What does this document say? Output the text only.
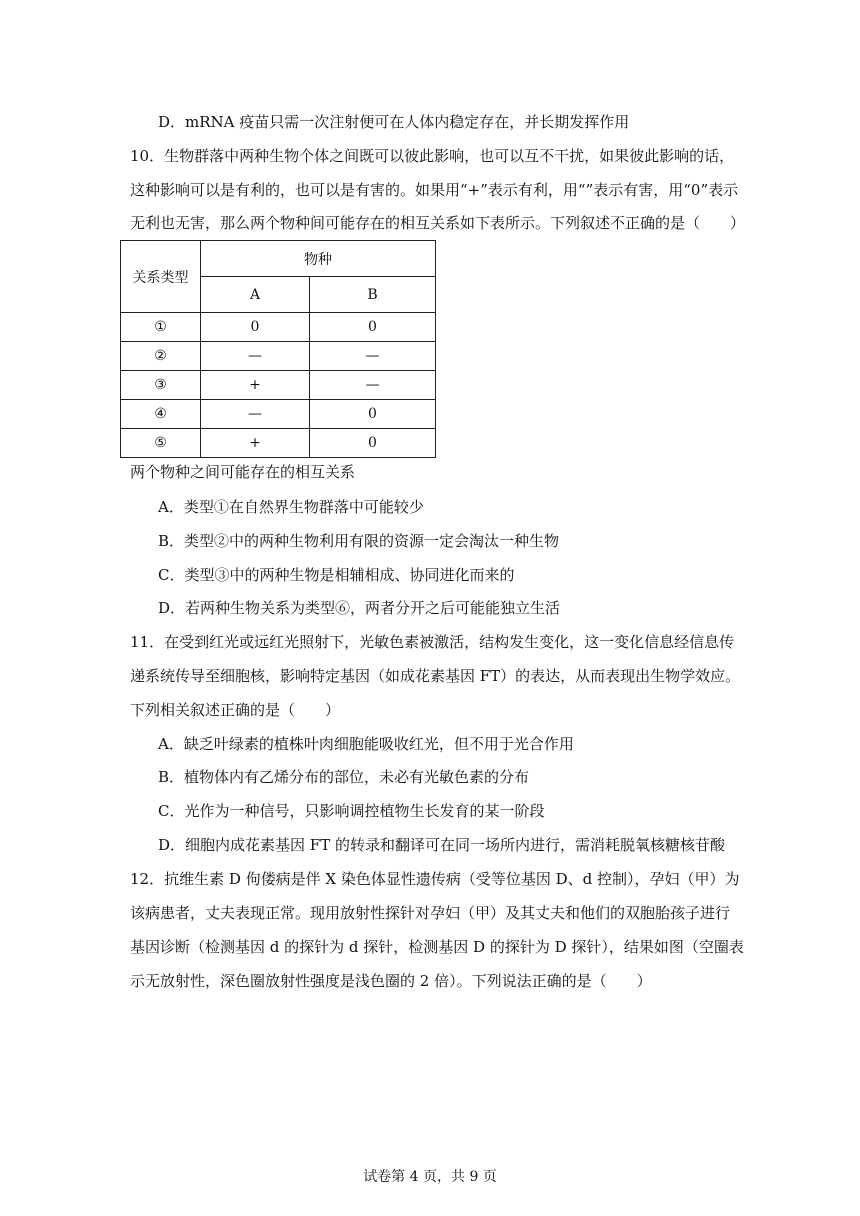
D．mRNA 疫苗只需一次注射便可在人体内稳定存在，并长期发挥作用
10．生物群落中两种生物个体之间既可以彼此影响，也可以互不干扰，如果彼此影响的话，
这种影响可以是有利的，也可以是有害的。如果用“+”表示有利，用“”表示有害，用“0”表示
无利也无害，那么两个物种间可能存在的相互关系如下表所示。下列叙述不正确的是（　　）
关系类型	物种	
	A	B
①	0	0
②	—	—
③	+	—
④	—	0
⑤	+	0
两个物种之间可能存在的相互关系
A．类型①在自然界生物群落中可能较少
B．类型②中的两种生物利用有限的资源一定会淘汰一种生物
C．类型③中的两种生物是相辅相成、协同进化而来的
D．若两种生物关系为类型⑥，两者分开之后可能能独立生活
11．在受到红光或远红光照射下，光敏色素被激活，结构发生变化，这一变化信息经信息传
递系统传导至细胞核，影响特定基因（如成花素基因 FT）的表达，从而表现出生物学效应。
下列相关叙述正确的是（　　）
A．缺乏叶绿素的植株叶肉细胞能吸收红光，但不用于光合作用
B．植物体内有乙烯分布的部位，未必有光敏色素的分布
C．光作为一种信号，只影响调控植物生长发育的某一阶段
D．细胞内成花素基因 FT 的转录和翻译可在同一场所内进行，需消耗脱氧核糖核苷酸
12．抗维生素 D 佝偻病是伴 X 染色体显性遗传病（受等位基因 D、d 控制），孕妇（甲）为
该病患者，丈夫表现正常。现用放射性探针对孕妇（甲）及其丈夫和他们的双胞胎孩子进行
基因诊断（检测基因 d 的探针为 d 探针，检测基因 D 的探针为 D 探针），结果如图（空圈表
示无放射性，深色圈放射性强度是浅色圈的 2 倍）。下列说法正确的是（　　）
试卷第 4 页，共 9 页
